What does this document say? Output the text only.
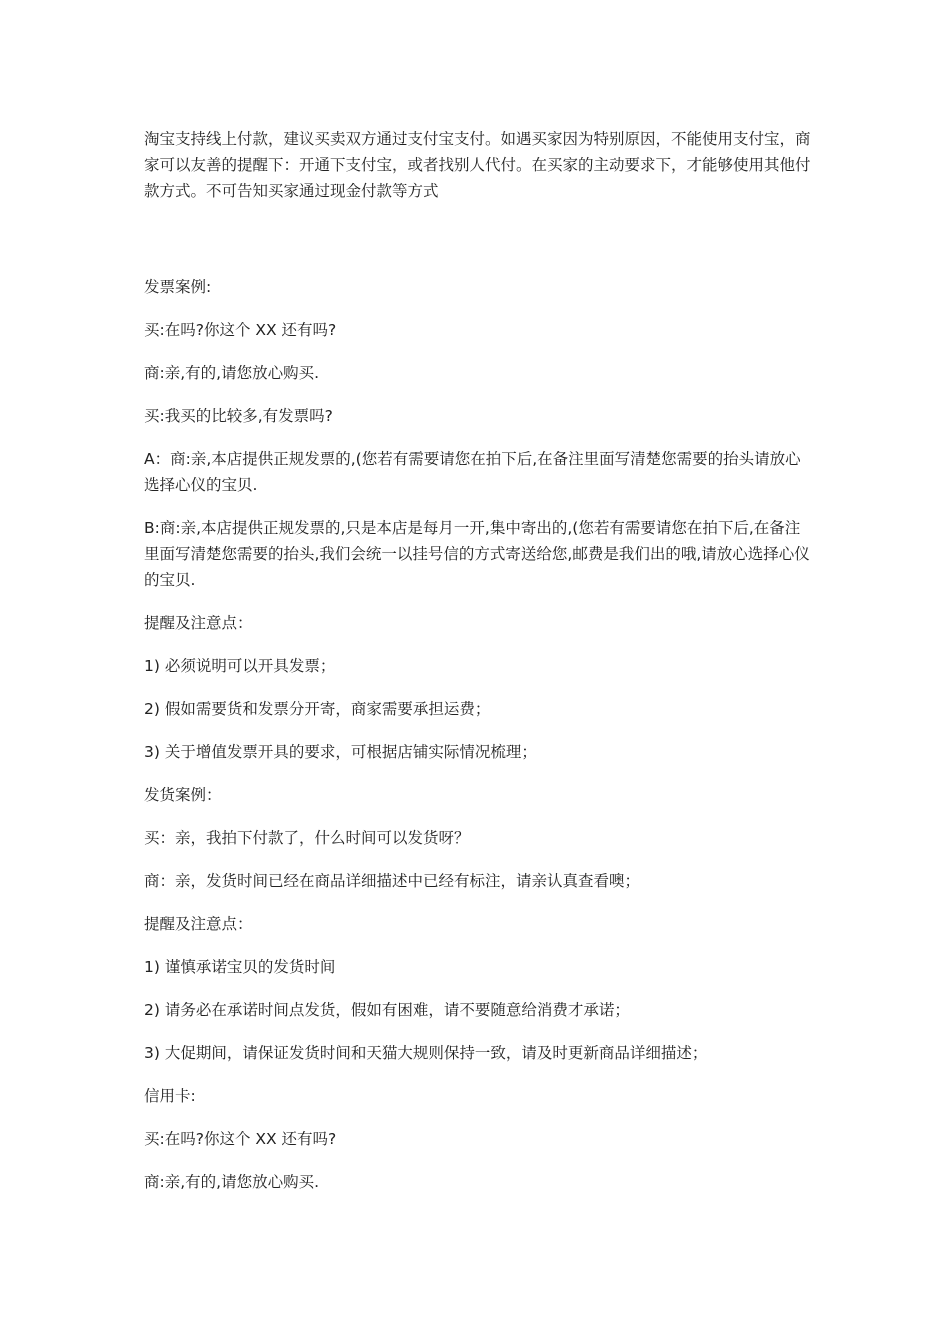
淘宝支持线上付款，建议买卖双方通过支付宝支付。如遇买家因为特别原因，不能使用支付宝，商家可以友善的提醒下：开通下支付宝，或者找别人代付。在买家的主动要求下，才能够使用其他付款方式。不可告知买家通过现金付款等方式

发票案例:

买:在吗?你这个 XX 还有吗?

商:亲,有的,请您放心购买.

买:我买的比较多,有发票吗?

A：商:亲,本店提供正规发票的,(您若有需要请您在拍下后,在备注里面写清楚您需要的抬头请放心选择心仪的宝贝.

B:商:亲,本店提供正规发票的,只是本店是每月一开,集中寄出的,(您若有需要请您在拍下后,在备注里面写清楚您需要的抬头,我们会统一以挂号信的方式寄送给您,邮费是我们出的哦,请放心选择心仪的宝贝.

提醒及注意点：

1) 必须说明可以开具发票；

2) 假如需要货和发票分开寄，商家需要承担运费；

3) 关于增值发票开具的要求，可根据店铺实际情况梳理；

发货案例：

买：亲，我拍下付款了，什么时间可以发货呀？

商：亲，发货时间已经在商品详细描述中已经有标注，请亲认真查看噢；

提醒及注意点：

1) 谨慎承诺宝贝的发货时间

2) 请务必在承诺时间点发货，假如有困难，请不要随意给消费才承诺；

3) 大促期间，请保证发货时间和天猫大规则保持一致，请及时更新商品详细描述；

信用卡:

买:在吗?你这个 XX 还有吗?

商:亲,有的,请您放心购买.
